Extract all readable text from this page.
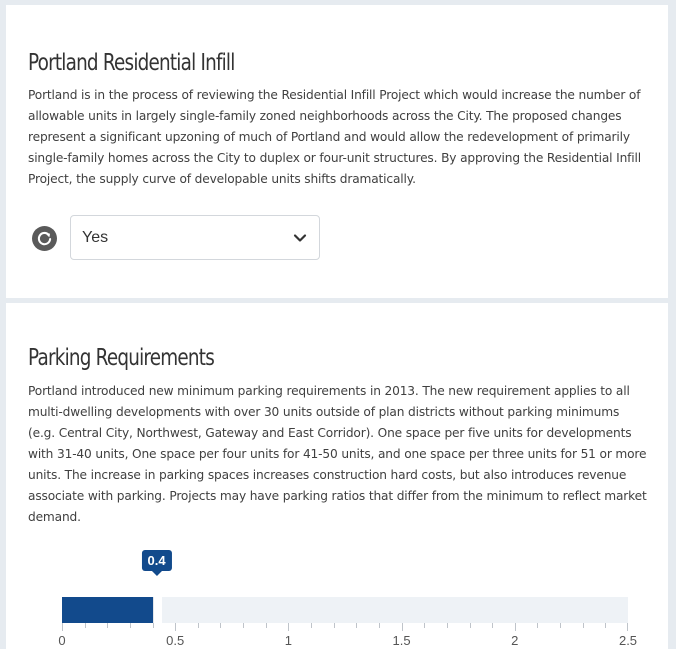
Portland Residential Infill

Portland is in the process of reviewing the Residential Infill Project which would increase the number of allowable units in largely single-family zoned neighborhoods across the City. The proposed changes represent a significant upzoning of much of Portland and would allow the redevelopment of primarily single-family homes across the City to duplex or four-unit structures. By approving the Residential Infill Project, the supply curve of developable units shifts dramatically.

Yes
Parking Requirements

Portland introduced new minimum parking requirements in 2013. The new requirement applies to all multi-dwelling developments with over 30 units outside of plan districts without parking minimums (e.g. Central City, Northwest, Gateway and East Corridor). One space per five units for developments with 31-40 units, One space per four units for 41-50 units, and one space per three units for 51 or more units. The increase in parking spaces increases construction hard costs, but also introduces revenue associate with parking. Projects may have parking ratios that differ from the minimum to reflect market demand.

0.4
0	0.5	1	1.5	2	2.5
